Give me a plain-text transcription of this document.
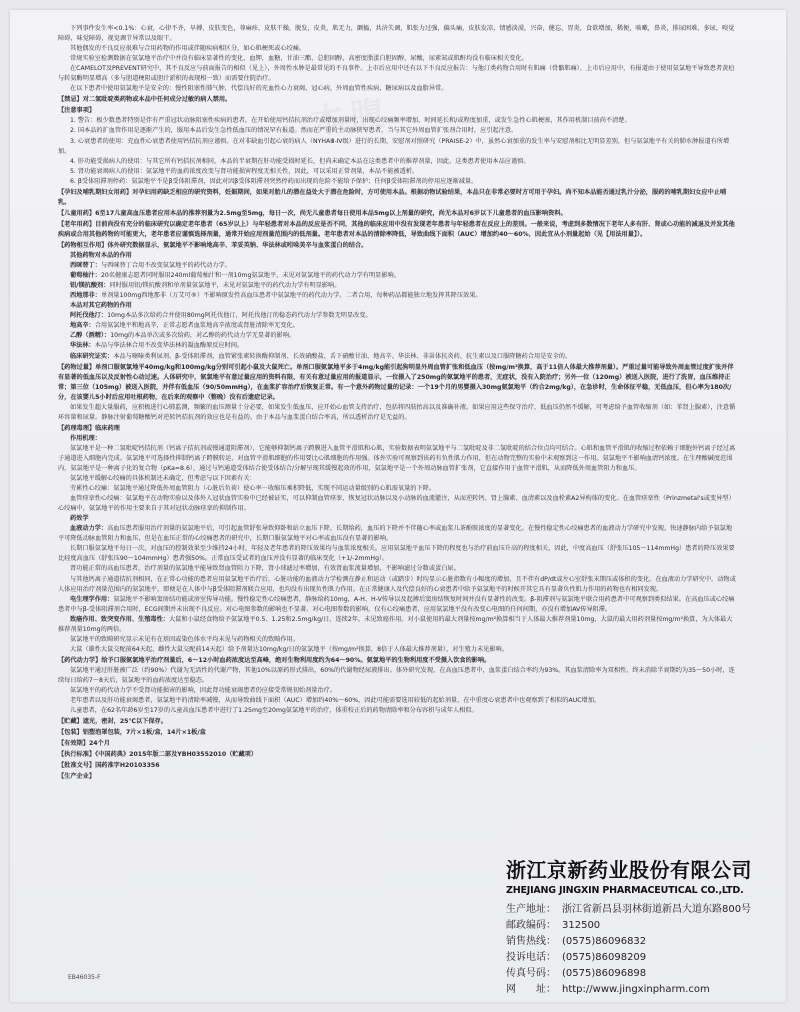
本腹

下列事件发生率<0.1%：心衰，心律不齐，早搏，皮肤变色，荨麻疹，皮肤干燥，脱发，皮炎，肌无力，颤搐，共济失调，肌张力过强，偏头痛，皮肤发凉，情感淡漠，兴奋，健忘，胃炎，食欲增加，稀便，咳嗽，鼻炎，排尿困难，多尿，嗅觉障碍，味觉障碍，视觉调节异常以及眼干。

其他偶发的不良反应很难与合用药物的作用或伴随疾病相区分，如心肌梗死或心绞痛。

常规实验室检测数据在氨氯地平治疗中并没有临床显著性的变化，血钾，血糖，甘油三酯，总胆固醇，高密度脂蛋白胆固醇，尿酸，尿素氮或肌酐均没有临床相关变化。

在CAMELOT及PREVENT研究中，其不良反应与前面报告的相似（见上），外周性水肿是最常见的不良事件。上市后应用中还有以下不良反应报告：与他汀类药物合用时有肌痛（骨骼肌痛），上市后应用中，有报道由于使用氨氯地平导致患者黄疸与转氨酶明显增高（多与胆道梗阻或胆汁淤积的表现相一致）而需要住院治疗。

在以下患者中使用氨氯地平是安全的：慢性阻塞性肺气肿，代偿良好的充血性心力衰竭，冠心病，外周血管性疾病，糖尿病以及血脂异常。

【禁忌】对二氢吡啶类药物或本品中任何成分过敏的病人禁用。

【注意事项】

1. 警告：极少数患者特别是伴有严重冠状动脉阻塞性疾病的患者，在开始使用钙拮抗剂治疗或增加剂量时，出现心绞痛频率增加，时间延长和/或程度加重，或发生急性心肌梗塞，其作用机制目前尚不清楚。

2. 国本品的扩血管作用是逐渐产生的，服用本品后发生急性低血压的情况罕有报道。然而在严重的主动脉狭窄患者，当与其它外周血管扩张剂合用时，应引起注意。

3. 心衰患者的使用：充血性心衰患者使用钙拮抗剂应谨慎。在对非缺血引起心衰的病人（NYHAⅢ-Ⅳ级）进行的长期、安慰剂对照研究（PRAISE-2）中，虽然心衰加重的发生率与安慰剂相比无明显差别，但与氨氯地平有关的肺水肿报道有所增加。

4. 肝功能受损病人的使用：与其它所有钙拮抗剂相同，本品的半衰期在肝功能受损时延长，但尚未确定本品在这类患者中的推荐剂量，因此，这类患者使用本品应谨慎。

5. 肾功能衰竭病人的使用：氨氯地平的血药浓度改变与肾功能损害程度无相关性，因此，可以采用正常剂量，本品不能被透析。

6. β受体阻滞剂停药：氨氯地平不是β受体阻滞剂，因此对因β受体阻滞剂突然停药而出现的危险不能给予保护；任何β受体阻滞剂的停用应逐渐减量。

【孕妇及哺乳期妇女用药】对孕妇用药缺乏相应的研究资料，妊娠期间，如果对胎儿的潜在益处大于潜在危险时，方可使用本品。根据动物试验结果，本品只在非常必要时方可用于孕妇。尚不知本品能否通过乳汁分泌，服药的哺乳期妇女应中止哺乳。

【儿童用药】6至17儿童高血压患者应用本品的推荐剂量为2.5mg至5mg，每日一次，尚无儿童患者每日使用本品5mg以上剂量的研究，尚无本品对6岁以下儿童患者的血压影响资料。

【老年用药】目前尚没有充分的临床研究以确定老年患者（65岁以上）与年轻患者对本品的反应是否不同，其他的临床应用中没有发现老年患者与年轻患者在反应上的差别。一般来说，考虑到多数情况下老年人多有肝、肾或心功能的减退及并发其他疾病或合用其他药物的可能更大，老年患者应谨慎选择剂量，通常开始应用剂量范围内的低剂量。老年患者对本品的清除率降低，导致曲线下面积（AUC）增加约40～60%，因此宜从小剂量起始（见【用法用量】）。

【药物相互作用】体外研究数据显示，氨氯地平不影响地高辛、苯妥英钠、华法林或吲哚美辛与血浆蛋白的结合。

其他药物对本品的作用

西咪替丁：与西咪替丁合用不改变氨氯地平的药代动力学。

葡萄柚汁：20名健康志愿者同时服用240ml葡萄柚汁和一剂10mg氨氯地平，未见对氨氯地平的药代动力学有明显影响。

铝/镁抗酸剂：同时服用铝/镁抗酸剂和单剂量氨氯地平，未见对氨氯地平的药代动力学有明显影响。

西地那非：单剂量100mg西地那非（万艾可®）不影响原发性高血压患者中氨氯地平的药代动力学。二者合用，每种药品都能独立地发挥其降压效果。

本品对其它药物的作用

阿托伐他汀：10mg本品多次给药合并使用80mg阿托伐他汀，阿托伐他汀的稳态药代动力学参数无明显改变。

地高辛：合用氨氯地平和地高辛，正常志愿者血浆地高辛浓度或肾脏清除率无变化。

乙醇（酒精）：10mg的本品单次或多次给药，对乙醇的药代动力学无显著的影响。

华法林：本品与华法林合用不改变华法林的凝血酶原反应时间。

临床研究证实：本品与噻嗪类利尿剂、β-受体阻滞剂、血管紧张素转换酶抑制剂、长效硝酸盐、舌下硝酸甘油、地高辛、华法林、非甾体抗炎药、抗生素以及口服降糖药合用是安全的。

【药物过量】单剂口服氨氯地平40mg/kg和100mg/kg分别可引起小鼠及大鼠死亡。单剂口服氨氯地平多于4mg/kg能引起狗明显外周血管扩张和低血压（按mg/m²换算，高于11倍人体最大推荐剂量）。严重过量可能导致外周血管过度扩张并伴有显著的低血压以及反射性心动过速。人体研究中，氨氯地平有意过量应用的资料有限，有关有意过量应用的报道显示，一位摄入了250mg的氨氯地平的患者，无症状，没有入院治疗；另外一位（120mg）被送入医院，进行了洗胃，血压维持正常；第三位（105mg）被送入医院，并伴有低血压（90/50mmHg），在血浆扩容治疗后恢复正常。有一个意外药物过量的记录：一个19个月的男婴摄入30mg氨氯地平（约合2mg/kg），在急诊时，生命体征平稳，无低血压，但心率为180次/分，在该婴儿5小时后应用吐根药物，在后来的观察中（整晚）没有后遗症记录。

如果发生超大量服药，应积极进行心肺监测，频繁的血压测量十分必要，如果发生低血压，应开始心血管支持治疗，包括将四肢抬高以及准确补液。如果应用这些保守治疗，低血压仍然不缓解，可考虑给予血管收缩剂（如：苯肾上腺素），注意循环容量和尿量。静脉注射葡萄糖酸钙对逆转钙拮抗剂的效应也是有益的。由于本品与血浆蛋白结合率高，所以透析治疗是无益的。

【药理毒理】临床药理

作用机理：

氨氯地平是一种二氢吡啶钙拮抗剂（钙离子拮抗剂或慢通道阻滞剂），它能够抑制钙离子跨膜进入血管平滑肌和心肌，实验数据表明氨氯地平与二氢吡啶及非二氢吡啶的结合位点均可结合。心肌和血管平滑肌的收缩过程依赖于细胞外钙离子经过离子通道进入细胞内完成。氨氯地平可选择性抑制钙离子跨膜转运，对血管平滑肌细胞的作用要比心肌细胞的作用强。体外实验可观察到该药有负性肌力作用，但在动物完整的实验中未观察到这一作用。氨氯地平不影响血清钙浓度。在生理酸碱度范围内，氨氯地平是一种离子化的复合物（pKa=8.6），通过与钙通道受体结合使受体结合/分解呈现其缓慢起效的作用，氨氯地平是一个外周动脉血管扩张剂，它直接作用于血管平滑肌，从而降低外周血管阻力和血压。

氨氯地平缓解心绞痛的具体机制还未确定，但考虑与以下因素有关：

劳累性心绞痛：氨氯地平通过降低外周血管阻力（心脏后负荷）使心率－收缩压乘积降低，实现不同运动量级别的心肌需氧量的下降。

血管痉挛性心绞痛：氨氯地平在动物实验以及体外人冠状血管实验中已经被证实，可以抑制血管痉挛，恢复冠状动脉以及小动脉的血流灌注，从而逆转钙、肾上腺素、血清素以及血栓素A2异构体的变化。在血管痉挛性（Prinzmetal's或变异型）心绞痛中，氨氯地平的作用主要来自于其对冠状动脉痉挛的抑制作用。

药效学

血液动力学：高血压患者服用治疗剂量的氨氯地平后，可引起血管舒张导致仰卧和站立血压下降，长期给药，血压的下降并不伴随心率或血浆儿茶酚胺浓度的显著变化。在慢性稳定性心绞痛患者的血液动力学研究中发现，快速静脉内给予氨氯地平可降低动脉血管阻力和血压，但是在血压正常的心绞痛患者的研究中，长期口服氨氯地平对心率或血压没有显著的影响。

长期口服氨氯地平每日一次，对血压的控制效果至少维持24小时，年轻及老年患者的降压效果均与血浆浓度相关。应用氨氯地平血压下降的程度也与治疗前血压升高的程度相关，因此，中度高血压（舒张压105～114mmHg）患者的降压效果要比轻度高血压（舒张压90～104mmHg）患者强50%。正常血压受试者的血压并没有显著的临床变化（+1/-2mmHg）。

肾功能正常的高血压患者，治疗剂量的氨氯地平能导致肾血管阻力下降，肾小球滤过率增加，有效肾血浆流量增加，不影响滤过分数或蛋白尿。

与其他钙离子通道拮抗剂相同，在正常心功能的患者应用氨氯地平治疗后，心脏功能的血液动力学检测在静止和运动（或踏步）时均显示心脏指数有小幅度的增加，且不伴有dP/dt或左心室舒张末期压或体积的变化。在血液动力学研究中，动物或人体应用治疗剂量范围内的氨氯地平，即便是在人体中与β受体阻滞剂联合应用，也均没有出现负性肌力作用。在正常健康人及代偿良好的心衰患者中给予氨氯地平的时候开其它具有显著负性肌力作用的药物也有相同发现。

电生理学作用：氨氯地平不影响窦房结功能或房室传导功能。慢性稳定性心绞痛患者，静脉给药10mg，A-H、H-V传导以及起搏后窦房结恢复时间并没有显著性的改变。β-阻滞剂与氨氯地平联合用药患者中可观察到类似结果。在高血压或心绞痛患者中与β-受体阻滞剂合用时，ECG间期并未出现不良反应。对心电图参数的影响也不显著。对心电图参数的影响，仅有心绞痛患者，应用氨氯地平没有改变心电图的任何间期，亦没有增加AV传导阻滞。

致癌作用、致突变作用、生殖毒性：大鼠和小鼠经食物给予氨氯地平0.5、1.25和2.5mg/kg/日，连续2年，未见致癌作用。对小鼠使用的最大剂量按mg/m²换算相当于人体最大推荐剂量10mg，大鼠的最大用药剂量按mg/m²换算，为大体最大推荐剂量10mg的两倍。

氨氯地平的致畸研究显示未见有在基因或染色体水平均未见与药物相关的致畸作用。

大鼠（雄性大鼠交配前64天起，雌性大鼠交配前14天起）给予剂量达10mg/kg/日的氨氯地平（按mg/m²换算，8倍于人体最大推荐剂量），对生殖力未见影响。

【药代动力学】给予口服氨氯地平治疗剂量后，6～12小时血药浓度达至高峰，绝对生物利用度约为64～90%。氨氯地平的生物利用度不受摄入饮食的影响。

氨氯地平通过肝脏被广泛（约90%）代谢为无活性的代谢产物，其他10%以原药形式排出，60%的代谢物经尿液排出。体外研究发现，在高血压患者中，血浆蛋白结合率约为93%。其血浆清除率为双相性，终末消除半衰期约为35～50小时，连续每日给药7～8天后，氨氯地平的血药浓度达至稳态。

氨氯地平的药代动力学不受肾功能损害的影响，因此肾功能衰竭患者仍应接受常规初始剂量治疗。

老年患者以及肝功能衰竭患者，氨氯地平的清除率减慢，从而导致曲线下面积（AUC）增加约40%～60%，因此可能需要选用较低的起始剂量，在中重度心衰患者中也观察到了相似的AUC增加。

儿童患者，在62名年龄6岁至17岁的儿童高血压患者中进行了1.25mg至20mg氨氯地平的治疗，体重校正后的药物清除率和分布容积与成年人相似。

【贮藏】遮光，密封，25℃以下保存。

【包装】铝塑泡罩包装，7片×1板/盒，14片×1板/盒

【有效期】24个月

【执行标准】《中国药典》2015年版二部及YBH03552010（贮藏项）

【批准文号】国药准字H20103356

【生产企业】

浙江京新药业股份有限公司

ZHEJIANG JINGXIN PHARMACEUTICAL CO.,LTD.

生产地址： 浙江省新昌县羽林街道新昌大道东路800号

邮政编码： 312500

销售热线： (0575)86096832

投诉电话： (0575)86098209

传真号码： (0575)86096898

网　　址： http://www.jingxinpharm.com

EB46035-F
